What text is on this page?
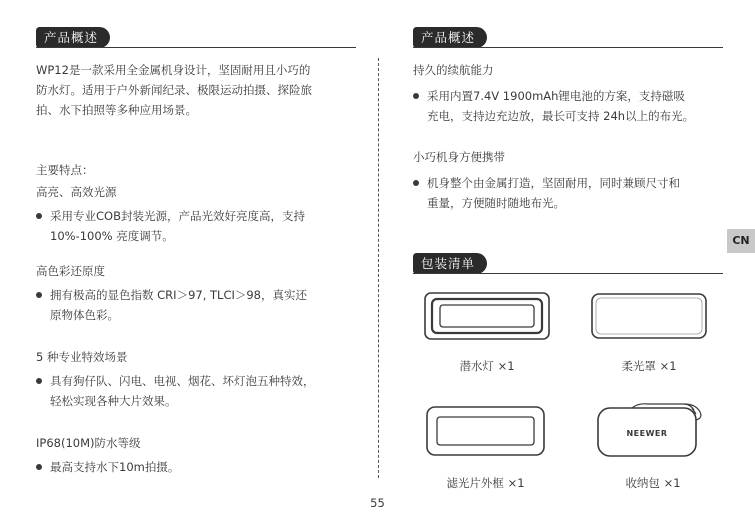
产品概述

WP12是一款采用全金属机身设计，坚固耐用且小巧的

防水灯。适用于户外新闻纪录、极限运动拍摄、探险旅

拍、水下拍照等多种应用场景。

主要特点：

高亮、高效光源

采用专业COB封装光源，产品光效好亮度高，支持
10%-100% 亮度调节。

高色彩还原度

拥有极高的显色指数 CRI＞97, TLCI＞98，真实还
原物体色彩。

5 种专业特效场景

具有狗仔队、闪电、电视、烟花、坏灯泡五种特效，
轻松实现各种大片效果。

IP68(10M)防水等级

最高支持水下10m拍摄。
产品概述

持久的续航能力

采用内置7.4V 1900mAh锂电池的方案，支持磁吸
充电，支持边充边放，最长可支持 24h以上的布光。

小巧机身方便携带

机身整个由金属打造，坚固耐用，同时兼顾尺寸和
重量，方便随时随地布光。
包装清单
潜水灯 ×1	柔光罩 ×1
滤光片外框 ×1
NEEWER
收纳包 ×1
CN
55
